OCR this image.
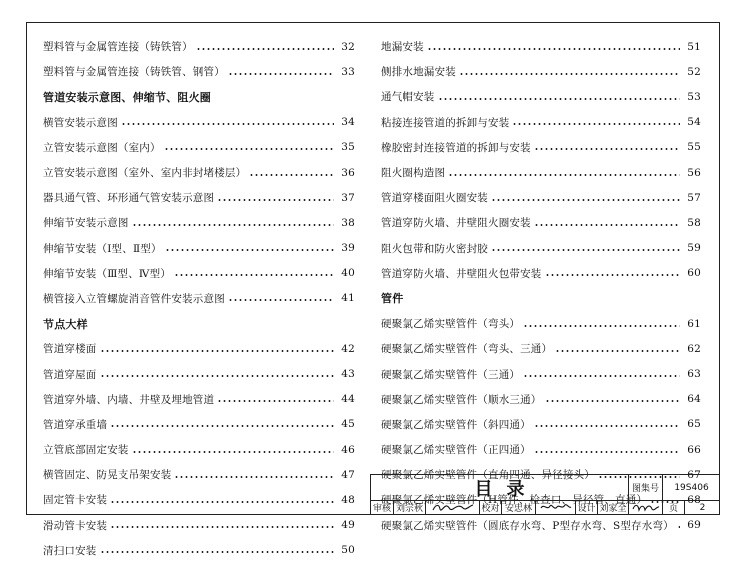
塑料管与金属管连接（铸铁管）	32
塑料管与金属管连接（铸铁管、钢管）	33
管道安装示意图、伸缩节、阻火圈
横管安装示意图	34
立管安装示意图（室内）	35
立管安装示意图（室外、室内非封堵楼层）	36
器具通气管、环形通气管安装示意图	37
伸缩节安装示意图	38
伸缩节安装（Ⅰ型、Ⅱ型）	39
伸缩节安装（Ⅲ型、Ⅳ型）	40
横管接入立管螺旋消音管件安装示意图	41
节点大样
管道穿楼面	42
管道穿屋面	43
管道穿外墙、内墙、井壁及埋地管道	44
管道穿承重墙	45
立管底部固定安装	46
横管固定、防晃支吊架安装	47
固定管卡安装	48
滑动管卡安装	49
清扫口安装	50
地漏安装	51
侧排水地漏安装	52
通气帽安装	53
粘接连接管道的拆卸与安装	54
橡胶密封连接管道的拆卸与安装	55
阻火圈构造图	56
管道穿楼面阻火圈安装	57
管道穿防火墙、井壁阻火圈安装	58
阻火包带和防火密封胶	59
管道穿防火墙、井壁阻火包带安装	60
管件
硬聚氯乙烯实壁管件（弯头）	61
硬聚氯乙烯实壁管件（弯头、三通）	62
硬聚氯乙烯实壁管件（三通）	63
硬聚氯乙烯实壁管件（顺水三通）	64
硬聚氯乙烯实壁管件（斜四通）	65
硬聚氯乙烯实壁管件（正四通）	66
硬聚氯乙烯实壁管件（直角四通、异径接头）	67
硬聚氯乙烯实壁管件（H管件、检查口、异径管、直通）	68
硬聚氯乙烯实壁管件（圆底存水弯、P型存水弯、S型存水弯）	69
目录	图集号	19S406
审核 刘宗秋	校对 安忠林	设计 刘家全	页	2
